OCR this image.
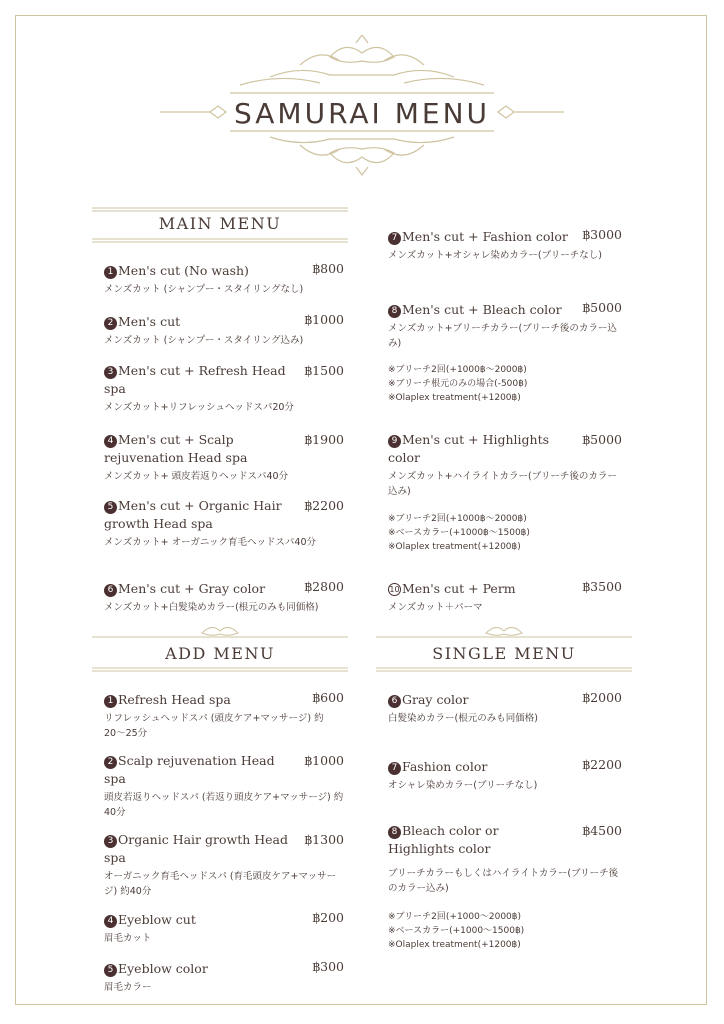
SAMURAI MENU
MAIN MENU
1 Men's cut (No wash)	฿800
メンズカット (シャンプー・スタイリングなし)
2 Men's cut	฿1000
メンズカット (シャンプー・スタイリング込み)
3 Men's cut + Refresh Head spa
฿1500
メンズカット+リフレッシュヘッドスパ20分
4 Men's cut + Scalp rejuvenation Head spa
฿1900
メンズカット+ 頭皮若返りヘッドスパ40分
5 Men's cut + Organic Hair growth Head spa
฿2200
メンズカット+ オーガニック育毛ヘッドスパ40分
6 Men's cut + Gray color	฿2800
メンズカット+白髪染めカラー(根元のみも同価格)
7 Men's cut + Fashion color ฿3000
メンズカット+オシャレ染めカラー(ブリーチなし)
8 Men's cut + Bleach color ฿5000
メンズカット+ブリーチカラー(ブリーチ後のカラー込み)
※ブリーチ2回(+1000฿〜2000฿)
※ブリーチ根元のみの場合(-500฿)
※Olaplex treatment(+1200฿)
9 Men's cut + Highlights color
฿5000
メンズカット+ハイライトカラー(ブリーチ後のカラー込み)
※ブリーチ2回(+1000฿〜2000฿)
※ベースカラー(+1000฿〜1500฿)
※Olaplex treatment(+1200฿)
10 Men's cut + Perm	฿3500
メンズカット＋パーマ
ADD MENU	SINGLE MENU
1 Refresh Head spa	฿600
リフレッシュヘッドスパ (頭皮ケア+マッサージ) 約20〜25分
2 Scalp rejuvenation Head spa
฿1000
頭皮若返りヘッドスパ (若返り頭皮ケア+マッサージ) 約40分
3 Organic Hair growth Head spa
฿1300
オーガニック育毛ヘッドスパ (育毛頭皮ケア+マッサージ) 約40分
4 Eyeblow cut	฿200
眉毛カット
5 Eyeblow color	฿300
眉毛カラー
6 Gray color	฿2000
白髪染めカラー(根元のみも同価格)
7 Fashion color	฿2200
オシャレ染めカラー(ブリーチなし)
8 Bleach color or Highlights color
฿4500
ブリーチカラーもしくはハイライトカラー(ブリーチ後のカラー込み)
※ブリーチ2回(+1000〜2000฿)
※ベースカラー(+1000〜1500฿)
※Olaplex treatment(+1200฿)
